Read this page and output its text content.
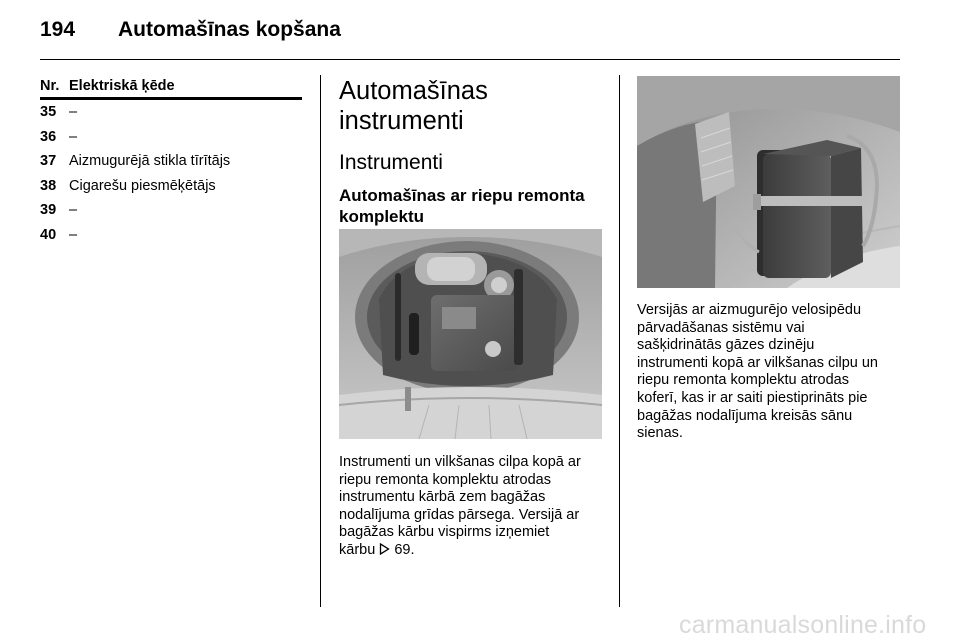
194 Automašīnas kopšana
Nr. Elektriskā ķēde
35 –
36 –
37 Aizmugurējā stikla tīrītājs
38 Cigarešu piesmēķētājs
39 –
40 –
Automašīnas
instrumenti
Instrumenti
Automašīnas ar riepu remonta
komplektu
Instrumenti un vilkšanas cilpa kopā ar
riepu remonta komplektu atrodas
instrumentu kārbā zem bagāžas
nodalījuma grīdas pārsega. Versijā ar
bagāžas kārbu vispirms izņemiet
kārbu  69.
Versijās ar aizmugurējo velosipēdu
pārvadāšanas sistēmu vai
sašķidrinātās gāzes dzinēju
instrumenti kopā ar vilkšanas cilpu un
riepu remonta komplektu atrodas
koferī, kas ir ar saiti piestiprināts pie
bagāžas nodalījuma kreisās sānu
sienas.
carmanualsonline.info
